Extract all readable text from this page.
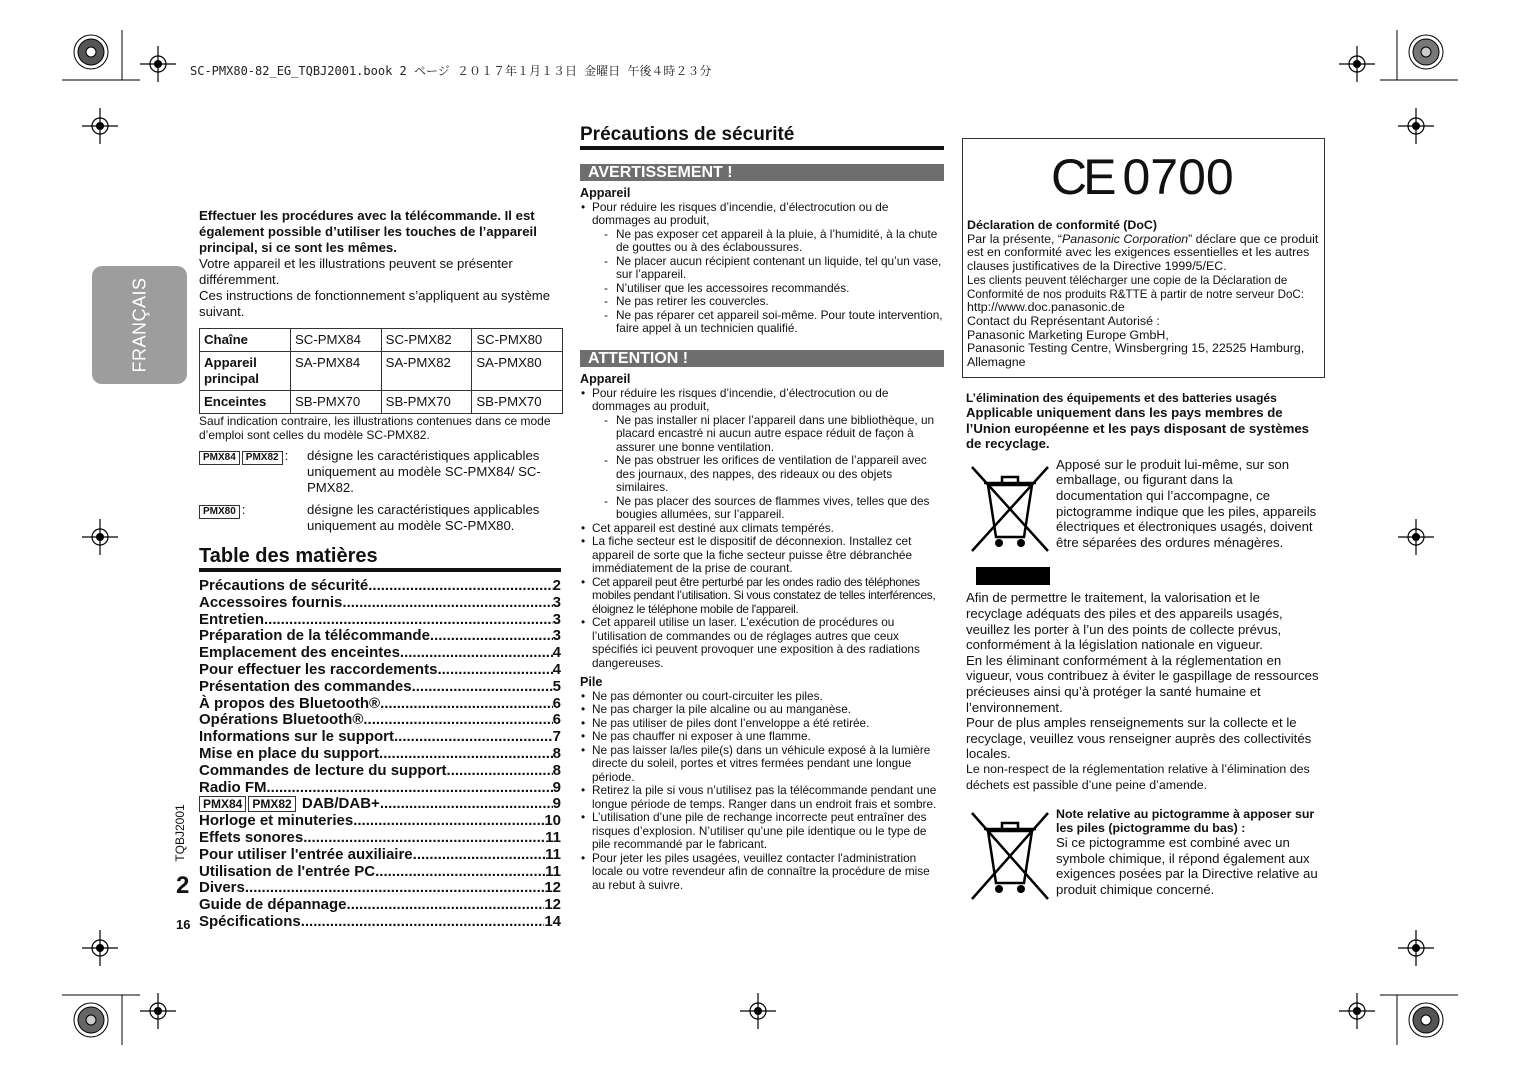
SC-PMX80-82_EG_TQBJ2001.book 2 ページ ２０１７年１月１３日 金曜日 午後４時２３分
FRANÇAIS
TQBJ2001
2
16

Effectuer les procédures avec la télécommande. Il est également possible d’utiliser les touches de l’appareil principal, si ce sont les mêmes.

Votre appareil et les illustrations peuvent se présenter différemment.

Ces instructions de fonctionnement s’appliquent au système suivant.

Chaîne	SC-PMX84	SC-PMX82	SC-PMX80
Appareil principal	SA-PMX84	SA-PMX82	SA-PMX80
Enceintes	SB-PMX70	SB-PMX70	SB-PMX70

Sauf indication contraire, les illustrations contenues dans ce mode d’emploi sont celles du modèle SC-PMX82.

PMX84 PMX82 :	désigne les caractéristiques applicables uniquement au modèle SC-PMX84/ SC-PMX82.
PMX80 :	désigne les caractéristiques applicables uniquement au modèle SC-PMX80.
Table des matières
Précautions de sécurité .....	2
Accessoires fournis .....	3
Entretien .....	3
Préparation de la télécommande .....	3
Emplacement des enceintes .....	4
Pour effectuer les raccordements .....	4
Présentation des commandes .....	5
À propos des Bluetooth® .....	6
Opérations Bluetooth® .....	6
Informations sur le support .....	7
Mise en place du support .....	8
Commandes de lecture du support .....	8
Radio FM .....	9
PMX84 PMX82 DAB/DAB+ .....	9
Horloge et minuteries .....	10
Effets sonores .....	11
Pour utiliser l'entrée auxiliaire .....	11
Utilisation de l'entrée PC .....	11
Divers .....	12
Guide de dépannage .....	12
Spécifications .....	14
Précautions de sécurité
AVERTISSEMENT !
Appareil
• Pour réduire les risques d’incendie, d’électrocution ou de dommages au produit,
- Ne pas exposer cet appareil à la pluie, à l’humidité, à la chute de gouttes ou à des éclaboussures.
- Ne placer aucun récipient contenant un liquide, tel qu’un vase, sur l’appareil.
- N’utiliser que les accessoires recommandés.
- Ne pas retirer les couvercles.
- Ne pas réparer cet appareil soi-même. Pour toute intervention, faire appel à un technicien qualifié.
ATTENTION !
Appareil
• Pour réduire les risques d’incendie, d’électrocution ou de dommages au produit,
- Ne pas installer ni placer l’appareil dans une bibliothèque, un placard encastré ni aucun autre espace réduit de façon à assurer une bonne ventilation.
- Ne pas obstruer les orifices de ventilation de l’appareil avec des journaux, des nappes, des rideaux ou des objets similaires.
- Ne pas placer des sources de flammes vives, telles que des bougies allumées, sur l’appareil.
• Cet appareil est destiné aux climats tempérés.
• La fiche secteur est le dispositif de déconnexion. Installez cet appareil de sorte que la fiche secteur puisse être débranchée immédiatement de la prise de courant.
• Cet appareil peut être perturbé par les ondes radio des téléphones mobiles pendant l’utilisation. Si vous constatez de telles interférences, éloignez le téléphone mobile de l'appareil.
• Cet appareil utilise un laser. L’exécution de procédures ou l’utilisation de commandes ou de réglages autres que ceux spécifiés ici peuvent provoquer une exposition à des radiations dangereuses.
Pile
• Ne pas démonter ou court-circuiter les piles.
• Ne pas charger la pile alcaline ou au manganèse.
• Ne pas utiliser de piles dont l’enveloppe a été retirée.
• Ne pas chauffer ni exposer à une flamme.
• Ne pas laisser la/les pile(s) dans un véhicule exposé à la lumière directe du soleil, portes et vitres fermées pendant une longue période.
• Retirez la pile si vous n’utilisez pas la télécommande pendant une longue période de temps. Ranger dans un endroit frais et sombre.
• L’utilisation d’une pile de rechange incorrecte peut entraîner des risques d’explosion. N’utiliser qu’une pile identique ou le type de pile recommandé par le fabricant.
• Pour jeter les piles usagées, veuillez contacter l'administration locale ou votre revendeur afin de connaître la procédure de mise au rebut à suivre.
CE 0700
Déclaration de conformité (DoC)
Par la présente, “Panasonic Corporation” déclare que ce produit est en conformité avec les exigences essentielles et les autres clauses justificatives de la Directive 1999/5/EC.
Les clients peuvent télécharger une copie de la Déclaration de Conformité de nos produits R&TTE à partir de notre serveur DoC:
http://www.doc.panasonic.de
Contact du Représentant Autorisé :
Panasonic Marketing Europe GmbH,
Panasonic Testing Centre, Winsbergring 15, 22525 Hamburg, Allemagne

L’élimination des équipements et des batteries usagés

Applicable uniquement dans les pays membres de l’Union européenne et les pays disposant de systèmes de recyclage.

Apposé sur le produit lui-même, sur son emballage, ou figurant dans la documentation qui l’accompagne, ce pictogramme indique que les piles, appareils électriques et électroniques usagés, doivent être séparées des ordures ménagères.

Afin de permettre le traitement, la valorisation et le recyclage adéquats des piles et des appareils usagés, veuillez les porter à l’un des points de collecte prévus, conformément à la législation nationale en vigueur.

En les éliminant conformément à la réglementation en vigueur, vous contribuez à éviter le gaspillage de ressources précieuses ainsi qu’à protéger la santé humaine et l’environnement.

Pour de plus amples renseignements sur la collecte et le recyclage, veuillez vous renseigner auprès des collectivités locales.

Le non-respect de la réglementation relative à l’élimination des déchets est passible d’une peine d’amende.

Note relative au pictogramme à apposer sur les piles (pictogramme du bas) :
Si ce pictogramme est combiné avec un symbole chimique, il répond également aux exigences posées par la Directive relative au produit chimique concerné.
